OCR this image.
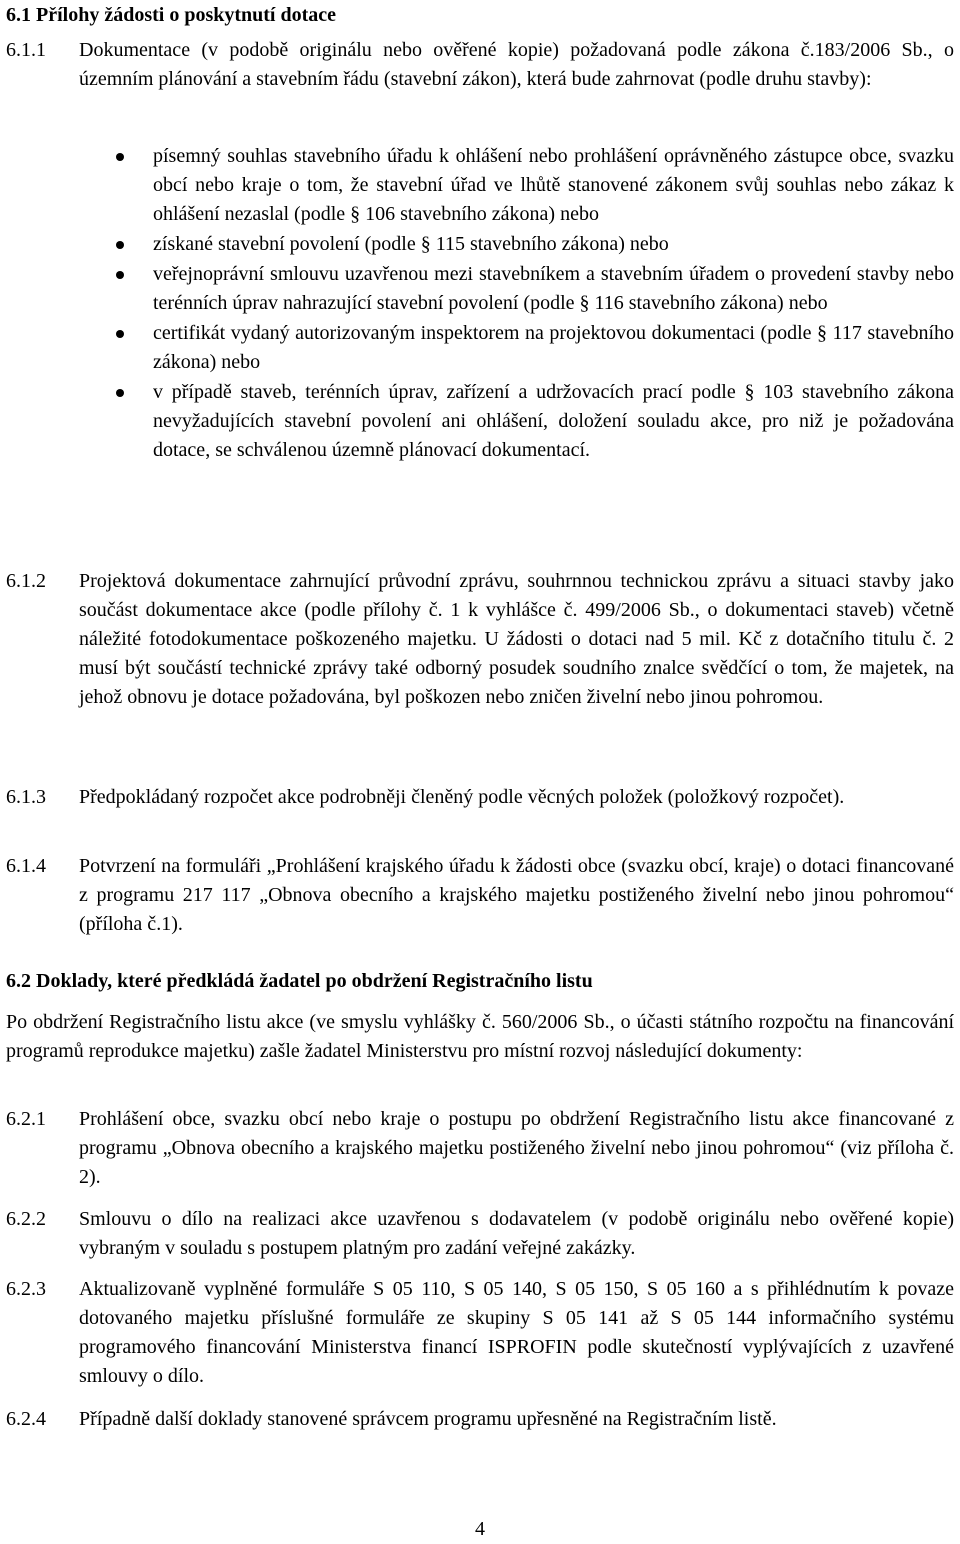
6.1 Přílohy žádosti o poskytnutí dotace
6.1.1	Dokumentace (v podobě originálu nebo ověřené kopie) požadovaná podle zákona č.183/2006 Sb., o územním plánování a stavebním řádu (stavební zákon), která bude zahrnovat (podle druhu stavby):
písemný souhlas stavebního úřadu k ohlášení nebo prohlášení oprávněného zástupce obce, svazku obcí nebo kraje o tom, že stavební úřad ve lhůtě stanovené zákonem svůj souhlas nebo zákaz k ohlášení nezaslal (podle § 106 stavebního zákona) nebo
získané stavební povolení (podle § 115 stavebního zákona) nebo
veřejnoprávní smlouvu uzavřenou mezi stavebníkem a stavebním úřadem o provedení stavby nebo terénních úprav nahrazující stavební povolení (podle § 116 stavebního zákona) nebo
certifikát vydaný autorizovaným inspektorem na projektovou dokumentaci (podle § 117 stavebního zákona) nebo
v případě staveb, terénních úprav, zařízení a udržovacích prací podle § 103 stavebního zákona nevyžadujících stavební povolení ani ohlášení, doložení souladu akce, pro niž je požadována dotace, se schválenou územně plánovací dokumentací.
6.1.2	Projektová dokumentace zahrnující průvodní zprávu, souhrnnou technickou zprávu a situaci stavby jako součást dokumentace akce (podle přílohy č. 1 k vyhlášce č. 499/2006 Sb., o dokumentaci staveb) včetně náležité fotodokumentace poškozeného majetku. U žádosti o dotaci nad 5 mil. Kč z dotačního titulu č. 2 musí být součástí technické zprávy také odborný posudek soudního znalce svědčící o tom, že majetek, na jehož obnovu je dotace požadována, byl poškozen nebo zničen živelní nebo jinou pohromou.
6.1.3	Předpokládaný rozpočet akce podrobněji členěný podle věcných položek (položkový rozpočet).
6.1.4	Potvrzení na formuláři „Prohlášení krajského úřadu k žádosti obce (svazku obcí, kraje) o dotaci financované z programu 217 117 „Obnova obecního a krajského majetku postiženého živelní nebo jinou pohromou“ (příloha č.1).
6.2 Doklady, které předkládá žadatel po obdržení Registračního listu
Po obdržení Registračního listu akce (ve smyslu vyhlášky č. 560/2006 Sb., o účasti státního rozpočtu na financování programů reprodukce majetku) zašle žadatel Ministerstvu pro místní rozvoj následující dokumenty:
6.2.1	Prohlášení obce, svazku obcí nebo kraje o postupu po obdržení Registračního listu akce financované z programu „Obnova obecního a krajského majetku postiženého živelní nebo jinou pohromou“ (viz příloha č. 2).
6.2.2	Smlouvu o dílo na realizaci akce uzavřenou s dodavatelem (v podobě originálu nebo ověřené kopie) vybraným v souladu s postupem platným pro zadání veřejné zakázky.
6.2.3	Aktualizovaně vyplněné formuláře S 05 110, S 05 140, S 05 150, S 05 160 a s přihlédnutím k povaze dotovaného majetku příslušné formuláře ze skupiny S 05 141 až S 05 144 informačního systému programového financování Ministerstva financí ISPROFIN podle skutečností vyplývajících z uzavřené smlouvy o dílo.
6.2.4	Případně další doklady stanovené správcem programu upřesněné na Registračním listě.
4
